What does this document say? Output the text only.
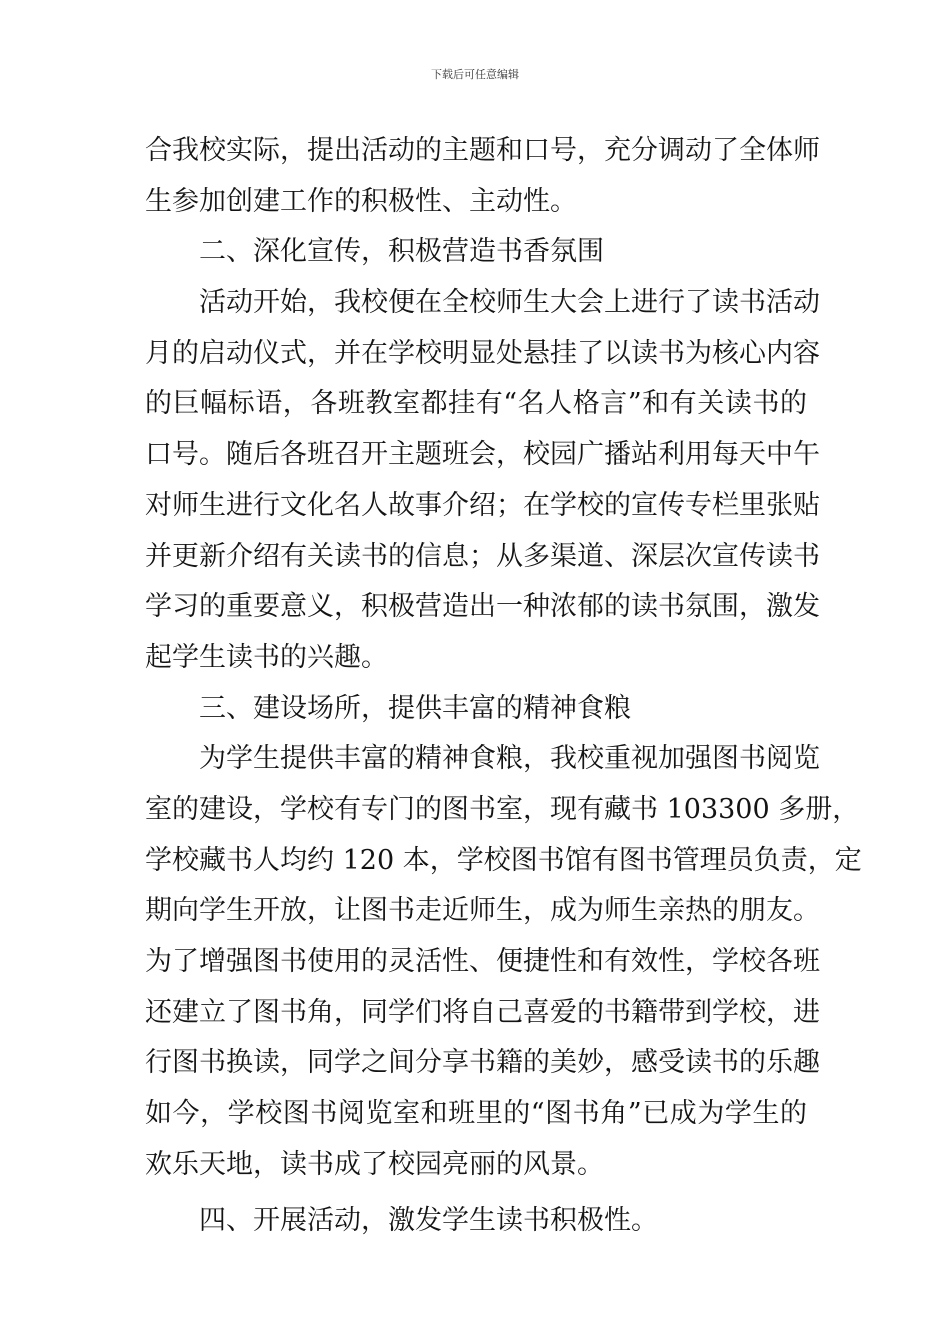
下载后可任意编辑
合我校实际，提出活动的主题和口号，充分调动了全体师
生参加创建工作的积极性、主动性。
二、深化宣传，积极营造书香氛围
活动开始，我校便在全校师生大会上进行了读书活动
月的启动仪式，并在学校明显处悬挂了以读书为核心内容
的巨幅标语，各班教室都挂有“名人格言”和有关读书的
口号。随后各班召开主题班会，校园广播站利用每天中午
对师生进行文化名人故事介绍；在学校的宣传专栏里张贴
并更新介绍有关读书的信息；从多渠道、深层次宣传读书
学习的重要意义，积极营造出一种浓郁的读书氛围，激发
起学生读书的兴趣。
三、建设场所，提供丰富的精神食粮
为学生提供丰富的精神食粮，我校重视加强图书阅览
室的建设，学校有专门的图书室，现有藏书 103300 多册，
学校藏书人均约 120 本，学校图书馆有图书管理员负责，定
期向学生开放，让图书走近师生，成为师生亲热的朋友。
为了增强图书使用的灵活性、便捷性和有效性，学校各班
还建立了图书角，同学们将自己喜爱的书籍带到学校，进
行图书换读，同学之间分享书籍的美妙，感受读书的乐趣
如今，学校图书阅览室和班里的“图书角”已成为学生的
欢乐天地，读书成了校园亮丽的风景。
四、开展活动，激发学生读书积极性。
